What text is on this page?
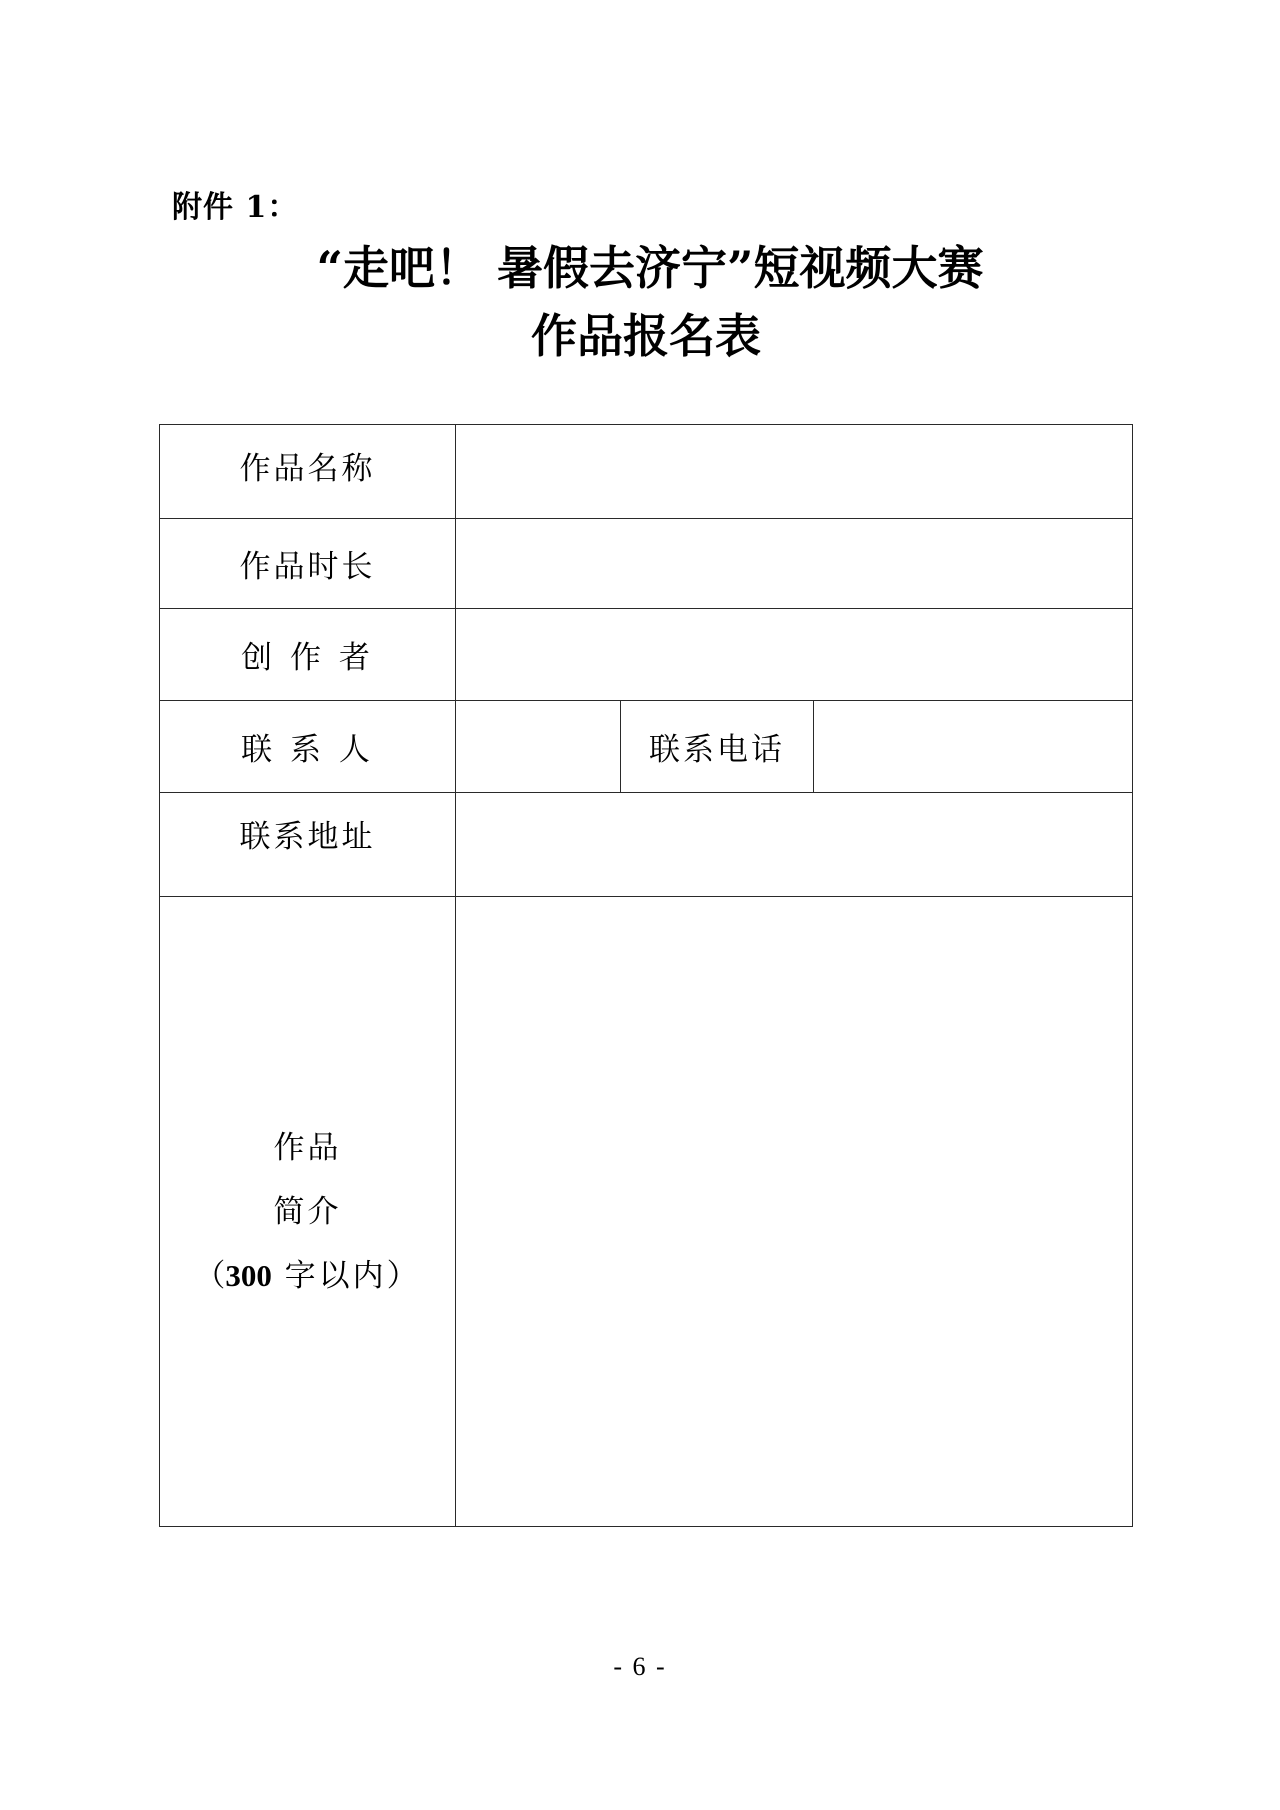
附件 1：
“走吧！ 暑假去济宁”短视频大赛
作品报名表
作品名称			
作品时长			
创 作 者			
联 系 人		联系电话	
联系地址			

作品
简介
（300 字以内）			

- 6 -
